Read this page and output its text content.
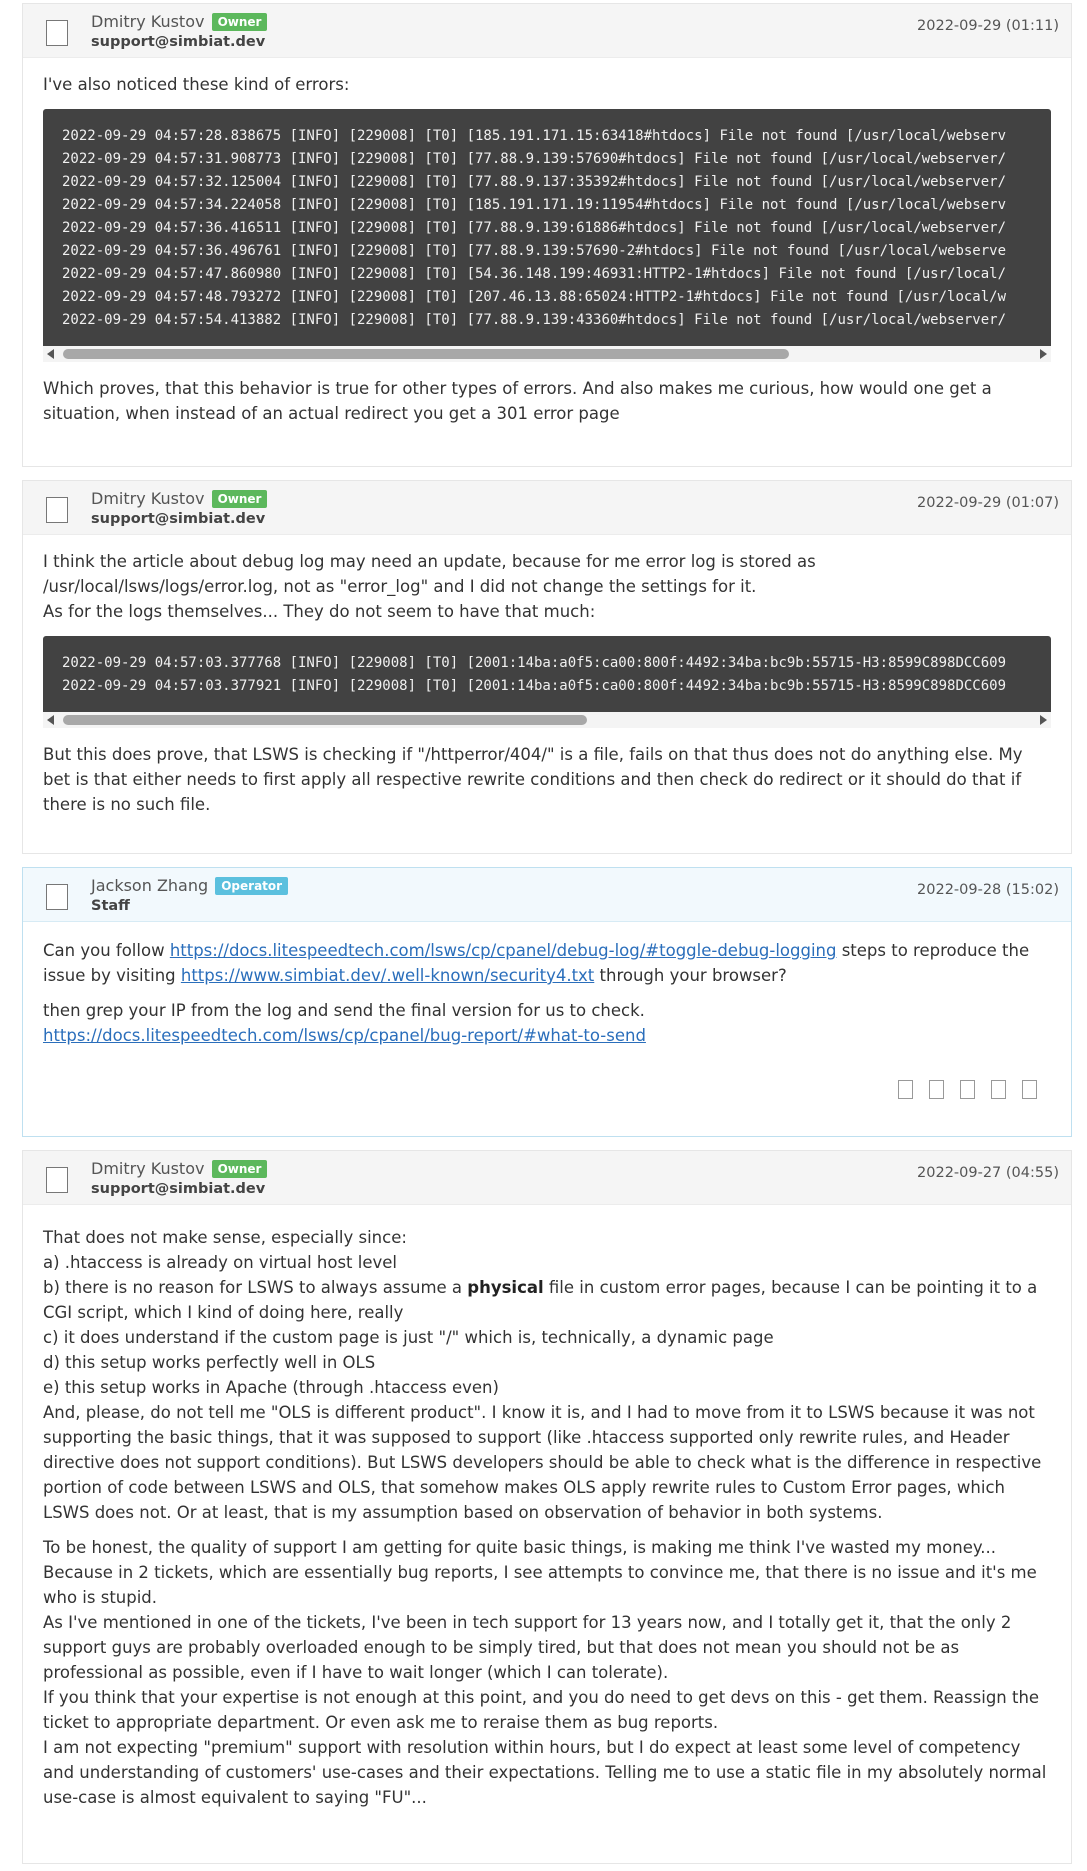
Dmitry Kustov Owner
support@simbiat.dev
2022-09-29 (01:11)

I've also noticed these kind of errors:

2022-09-29 04:57:28.838675 [INFO] [229008] [T0] [185.191.171.15:63418#htdocs] File not found [/usr/local/webserv
2022-09-29 04:57:31.908773 [INFO] [229008] [T0] [77.88.9.139:57690#htdocs] File not found [/usr/local/webserver/
2022-09-29 04:57:32.125004 [INFO] [229008] [T0] [77.88.9.137:35392#htdocs] File not found [/usr/local/webserver/
2022-09-29 04:57:34.224058 [INFO] [229008] [T0] [185.191.171.19:11954#htdocs] File not found [/usr/local/webserv
2022-09-29 04:57:36.416511 [INFO] [229008] [T0] [77.88.9.139:61886#htdocs] File not found [/usr/local/webserver/
2022-09-29 04:57:36.496761 [INFO] [229008] [T0] [77.88.9.139:57690-2#htdocs] File not found [/usr/local/webserve
2022-09-29 04:57:47.860980 [INFO] [229008] [T0] [54.36.148.199:46931:HTTP2-1#htdocs] File not found [/usr/local/
2022-09-29 04:57:48.793272 [INFO] [229008] [T0] [207.46.13.88:65024:HTTP2-1#htdocs] File not found [/usr/local/w
2022-09-29 04:57:54.413882 [INFO] [229008] [T0] [77.88.9.139:43360#htdocs] File not found [/usr/local/webserver/

Which proves, that this behavior is true for other types of errors. And also makes me curious, how would one get a situation, when instead of an actual redirect you get a 301 error page

Dmitry Kustov Owner
support@simbiat.dev
2022-09-29 (01:07)

I think the article about debug log may need an update, because for me error log is stored as
/usr/local/lsws/logs/error.log, not as "error_log" and I did not change the settings for it.
As for the logs themselves... They do not seem to have that much:

2022-09-29 04:57:03.377768 [INFO] [229008] [T0] [2001:14ba:a0f5:ca00:800f:4492:34ba:bc9b:55715-H3:8599C898DCC609
2022-09-29 04:57:03.377921 [INFO] [229008] [T0] [2001:14ba:a0f5:ca00:800f:4492:34ba:bc9b:55715-H3:8599C898DCC609

But this does prove, that LSWS is checking if "/httperror/404/" is a file, fails on that thus does not do anything else. My bet is that either needs to first apply all respective rewrite conditions and then check do redirect or it should do that if there is no such file.

Jackson Zhang Operator
Staff
2022-09-28 (15:02)

Can you follow https://docs.litespeedtech.com/lsws/cp/cpanel/debug-log/#toggle-debug-logging steps to reproduce the issue by visiting https://www.simbiat.dev/.well-known/security4.txt through your browser?

then grep your IP from the log and send the final version for us to check.
https://docs.litespeedtech.com/lsws/cp/cpanel/bug-report/#what-to-send

Dmitry Kustov Owner
support@simbiat.dev
2022-09-27 (04:55)

That does not make sense, especially since:
a) .htaccess is already on virtual host level
b) there is no reason for LSWS to always assume a physical file in custom error pages, because I can be pointing it to a CGI script, which I kind of doing here, really
c) it does understand if the custom page is just "/" which is, technically, a dynamic page
d) this setup works perfectly well in OLS
e) this setup works in Apache (through .htaccess even)
And, please, do not tell me "OLS is different product". I know it is, and I had to move from it to LSWS because it was not supporting the basic things, that it was supposed to support (like .htaccess supported only rewrite rules, and Header directive does not support conditions). But LSWS developers should be able to check what is the difference in respective portion of code between LSWS and OLS, that somehow makes OLS apply rewrite rules to Custom Error pages, which LSWS does not. Or at least, that is my assumption based on observation of behavior in both systems.

To be honest, the quality of support I am getting for quite basic things, is making me think I've wasted my money... Because in 2 tickets, which are essentially bug reports, I see attempts to convince me, that there is no issue and it's me who is stupid.
As I've mentioned in one of the tickets, I've been in tech support for 13 years now, and I totally get it, that the only 2 support guys are probably overloaded enough to be simply tired, but that does not mean you should not be as professional as possible, even if I have to wait longer (which I can tolerate).
If you think that your expertise is not enough at this point, and you do need to get devs on this - get them. Reassign the ticket to appropriate department. Or even ask me to reraise them as bug reports.
I am not expecting "premium" support with resolution within hours, but I do expect at least some level of competency and understanding of customers' use-cases and their expectations. Telling me to use a static file in my absolutely normal use-case is almost equivalent to saying "FU"...
